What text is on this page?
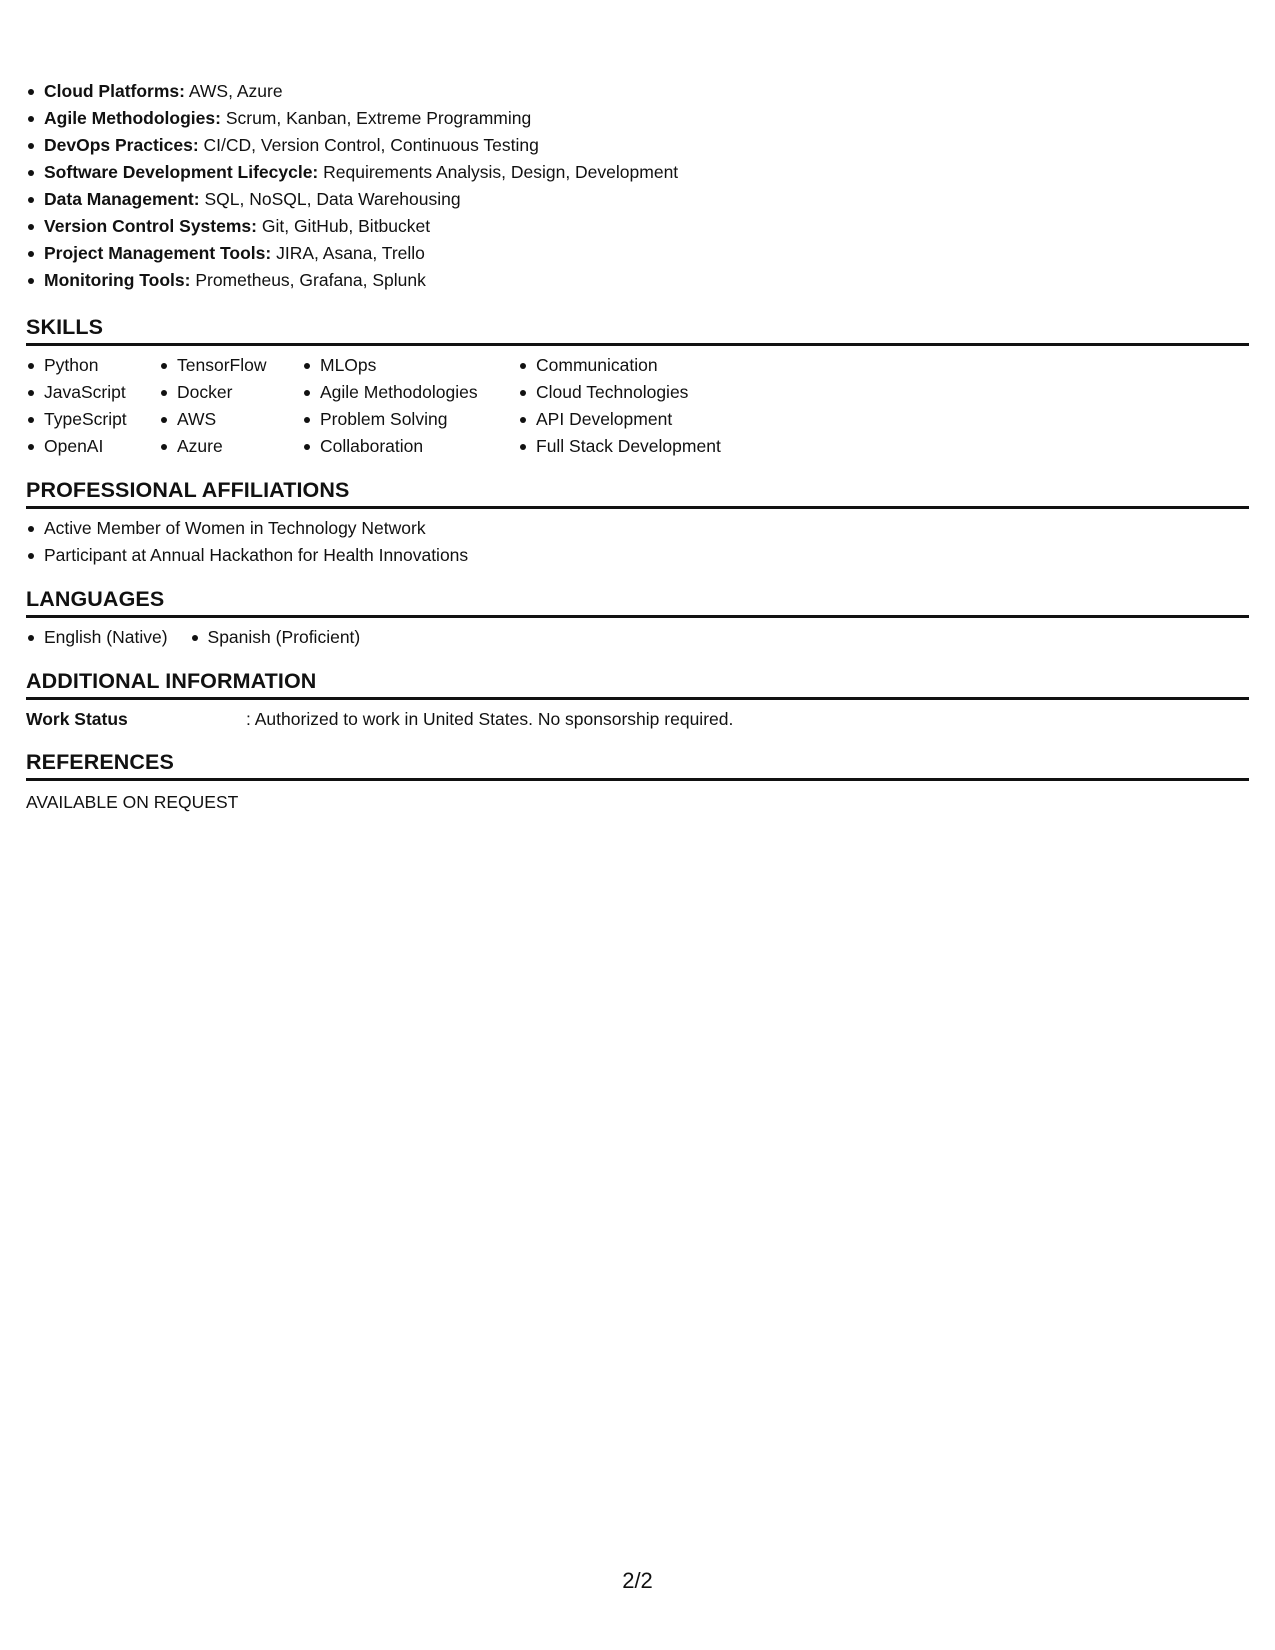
Cloud Platforms: AWS, Azure
Agile Methodologies: Scrum, Kanban, Extreme Programming
DevOps Practices: CI/CD, Version Control, Continuous Testing
Software Development Lifecycle: Requirements Analysis, Design, Development
Data Management: SQL, NoSQL, Data Warehousing
Version Control Systems: Git, GitHub, Bitbucket
Project Management Tools: JIRA, Asana, Trello
Monitoring Tools: Prometheus, Grafana, Splunk
SKILLS
Python
JavaScript
TypeScript
OpenAI
TensorFlow
Docker
AWS
Azure
MLOps
Agile Methodologies
Problem Solving
Collaboration
Communication
Cloud Technologies
API Development
Full Stack Development
PROFESSIONAL AFFILIATIONS
Active Member of Women in Technology Network
Participant at Annual Hackathon for Health Innovations
LANGUAGES
English (Native)	Spanish (Proficient)
ADDITIONAL INFORMATION
Work Status	: Authorized to work in United States. No sponsorship required.
REFERENCES
AVAILABLE ON REQUEST
2/2
